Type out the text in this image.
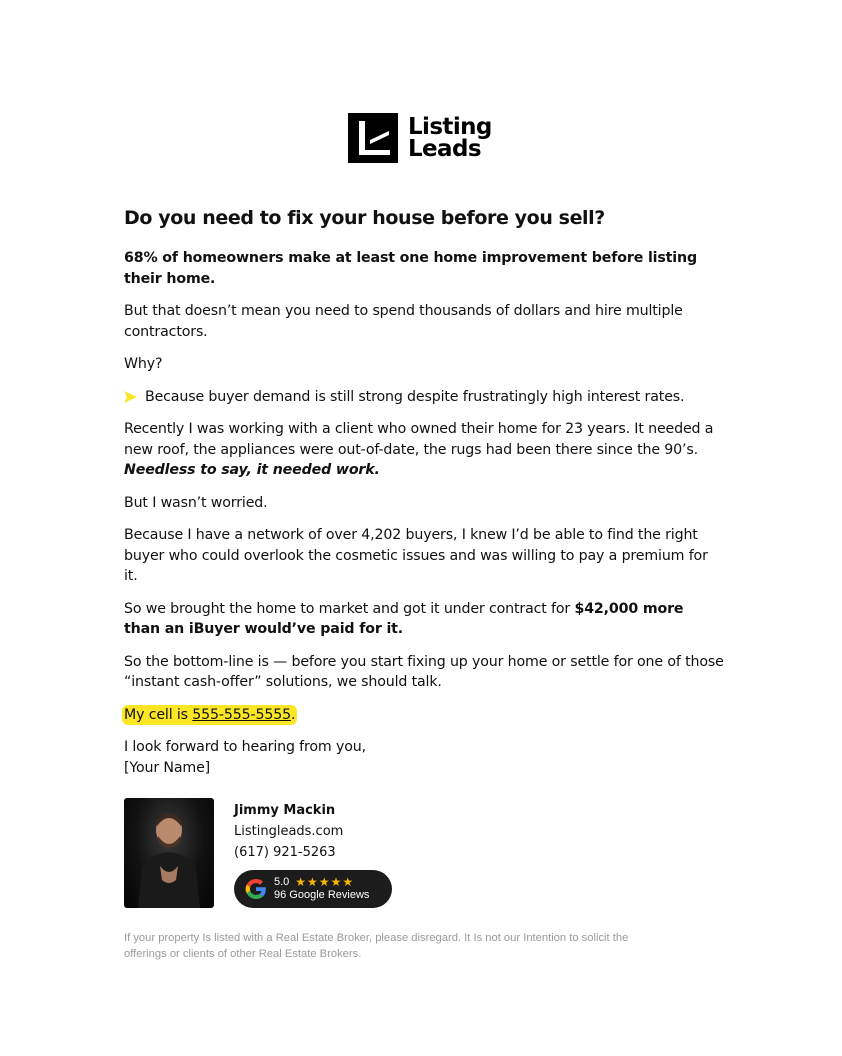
Listing
Leads
Do you need to fix your house before you sell?

68% of homeowners make at least one home improvement before listing their home.

But that doesn’t mean you need to spend thousands of dollars and hire multiple contractors.

Why?

Because buyer demand is still strong despite frustratingly high interest rates.

Recently I was working with a client who owned their home for 23 years. It needed a new roof, the appliances were out-of-date, the rugs had been there since the 90’s. Needless to say, it needed work.

But I wasn’t worried.

Because I have a network of over 4,202 buyers, I knew I’d be able to find the right buyer who could overlook the cosmetic issues and was willing to pay a premium for it.

So we brought the home to market and got it under contract for $42,000 more than an iBuyer would’ve paid for it.

So the bottom-line is — before you start fixing up your home or settle for one of those “instant cash-offer” solutions, we should talk.

My cell is 555-555-5555.

I look forward to hearing from you,
[Your Name]

Jimmy Mackin
Listingleads.com
(617) 921-5263
5.0 ★★★★★
96 Google Reviews
If your property Is listed with a Real Estate Broker, please disregard. It Is not our Intention to solicit the offerings or clients of other Real Estate Brokers.
